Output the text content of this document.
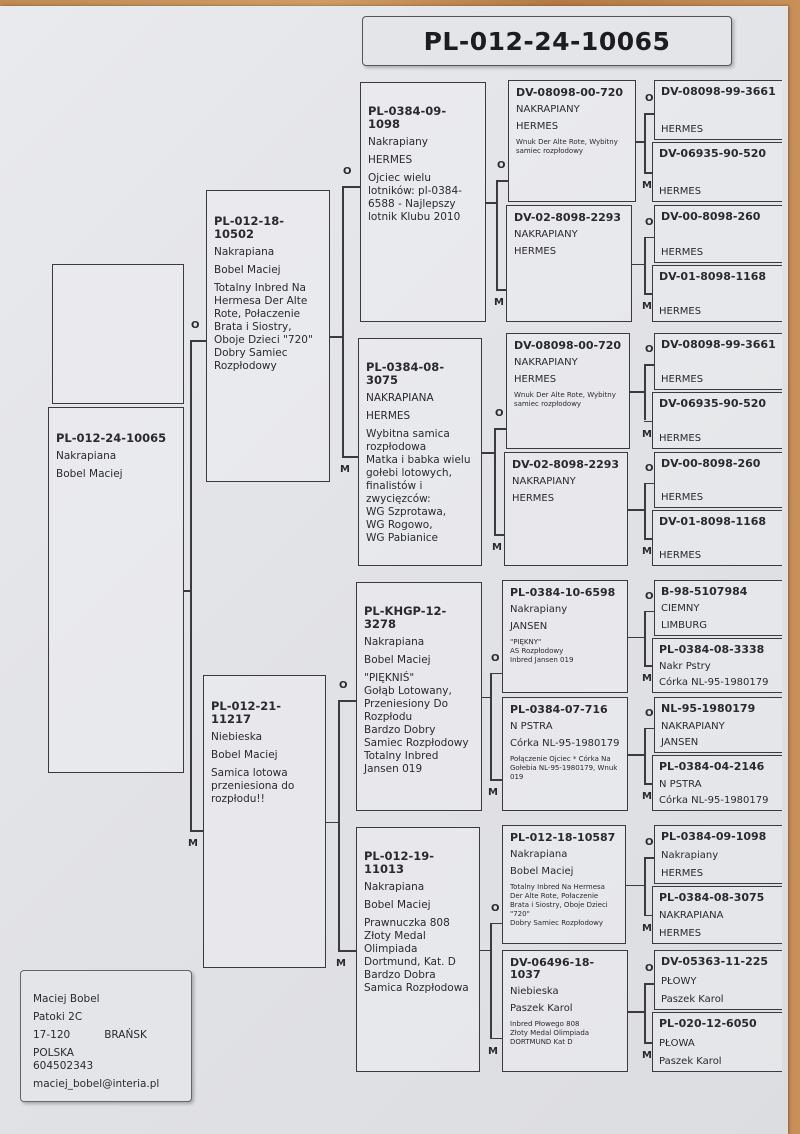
PL-012-24-10065
PL-012-24-10065
Nakrapiana
Bobel Maciej
PL-012-18-10502
Nakrapiana
Bobel Maciej
Totalny Inbred Na Hermesa Der Alte Rote, Połaczenie Brata i Siostry, Oboje Dzieci "720"
Dobry Samiec Rozpłodowy
PL-012-21-11217
Niebieska
Bobel Maciej
Samica lotowa przeniesiona do rozpłodu!!
PL-0384-09-1098
Nakrapiany
HERMES
Ojciec wielu lotników: pl-0384-6588 - Najlepszy lotnik Klubu 2010
PL-0384-08-3075
NAKRAPIANA
HERMES
Wybitna samica rozpłodowa
Matka i babka wielu gołebi lotowych, finalistów i zwycięzców:
WG Szprotawa,
WG Rogowo,
WG Pabianice
PL-KHGP-12-3278
Nakrapiana
Bobel Maciej
"PIĘKNIŚ"
Gołąb Lotowany, Przeniesiony Do Rozpłodu
Bardzo Dobry Samiec Rozpłodowy
Totalny Inbred Jansen 019
PL-012-19-11013
Nakrapiana
Bobel Maciej
Prawnuczka 808 Złoty Medal Olimpiada Dortmund, Kat. D
Bardzo Dobra Samica Rozpłodowa
DV-08098-00-720
NAKRAPIANY
HERMES
Wnuk Der Alte Rote, Wybitny samiec rozpłodowy
DV-02-8098-2293
NAKRAPIANY
HERMES
DV-08098-00-720
NAKRAPIANY
HERMES
Wnuk Der Alte Rote, Wybitny samiec rozpłodowy
DV-02-8098-2293
NAKRAPIANY
HERMES
PL-0384-10-6598
Nakrapiany
JANSEN
"PIĘKNY"
AS Rozpłodowy
Inbred Jansen 019
PL-0384-07-716
N PSTRA
Córka NL-95-1980179
Połączenie Ojciec * Córka Na Gołebia NL-95-1980179, Wnuk 019
PL-012-18-10587
Nakrapiana
Bobel Maciej
Totalny Inbred Na Hermesa Der Alte Rote, Połaczenie Brata i Siostry, Oboje Dzieci "720"
Dobry Samiec Rozpłodowy
DV-06496-18-1037
Niebieska
Paszek Karol
Inbred Płowego 808
Złoty Medal Olimpiada
DORTMUND Kat D
DV-08098-99-3661
HERMES
DV-06935-90-520
HERMES
DV-00-8098-260
HERMES
DV-01-8098-1168
HERMES
DV-08098-99-3661
HERMES
DV-06935-90-520
HERMES
DV-00-8098-260
HERMES
DV-01-8098-1168
HERMES
B-98-5107984
CIEMNY
LIMBURG
PL-0384-08-3338
Nakr Pstry
Córka NL-95-1980179
NL-95-1980179
NAKRAPIANY
JANSEN
PL-0384-04-2146
N PSTRA
Córka NL-95-1980179
PL-0384-09-1098
Nakrapiany
HERMES
PL-0384-08-3075
NAKRAPIANA
HERMES
DV-05363-11-225
PŁOWY
Paszek Karol
PL-020-12-6050
PŁOWA
Paszek Karol
O
M
O
M
O
M
O
M
O
M
O
M
O
M
O
M
O
M
O
M
O
M
O
M
O
M
O
M
O
M
Maciej Bobel
Patoki 2C
17-120	BRAŃSK
POLSKA
604502343
maciej_bobel@interia.pl
